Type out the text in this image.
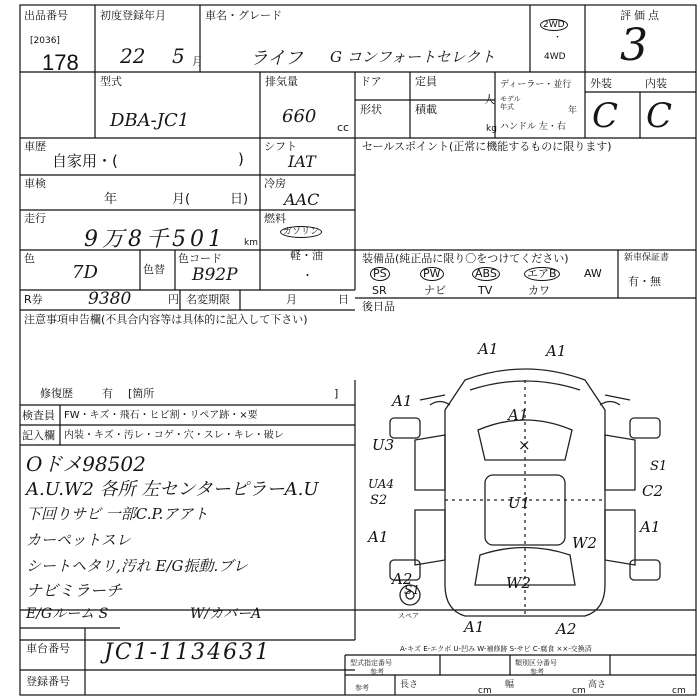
出品番号
[2036]
178
初度登録年月
22 5 月
車名・グレード
ライフ G コンフォートセレクト
2WD
・
4WD
評価点
3
型式
DBA-JC1
排気量
660
cc
ドア	定員
人
形状	積載
kg
ディーラー・並行
モデル
年式	年
ハンドル 左・右
外装	内装
C C
車歴
自家用・(	)
車検
年	月(	日)
走行
9万8千501 km
色
7D	色替
色コード
B92P
R券	9380	円 名変期限	月	日
シフト
IAT
冷房
AAC
燃料
ガソリン
軽・油
・
セールスポイント(正常に機能するものに限ります)
装備品(純正品に限り〇をつけてください)	新車保証書
有・無
PS	PW	ABS	エアB AW
SR	ナビ	TV	カワ
後日品
注意事項申告欄(不具合内容等は具体的に記入して下さい)
修復歴	有 [箇所	]
検査員
記入欄
FW・キズ・飛石・ヒビ割・リペア跡・×要
内装・キズ・汚レ・コゲ・穴・スレ・キレ・破レ
Oドメ98502
A.U.W2 各所 左センターピラーA.U
下回りサビ 一部C.P.アアト
カーペットスレ
シートヘタリ,汚れ E/G振動.ブレ
ナビミラーチ
E/Gルーム S	W/カバーA
A1	A1
A1
A1
U3
UA4
S2
A1
A2
S1
S1
C2
A1
W2
A1	A2
U1
W2
×
スペア
A-キズ E-エクボ U-凹み W-補修跡 S-サビ C-腐食 ××-交換済
車台番号 JC1-1134631
登録番号
型式指定番号
参考
類別区分番号
参考
参考	長さ
cm
幅
cm
高さ
cm
